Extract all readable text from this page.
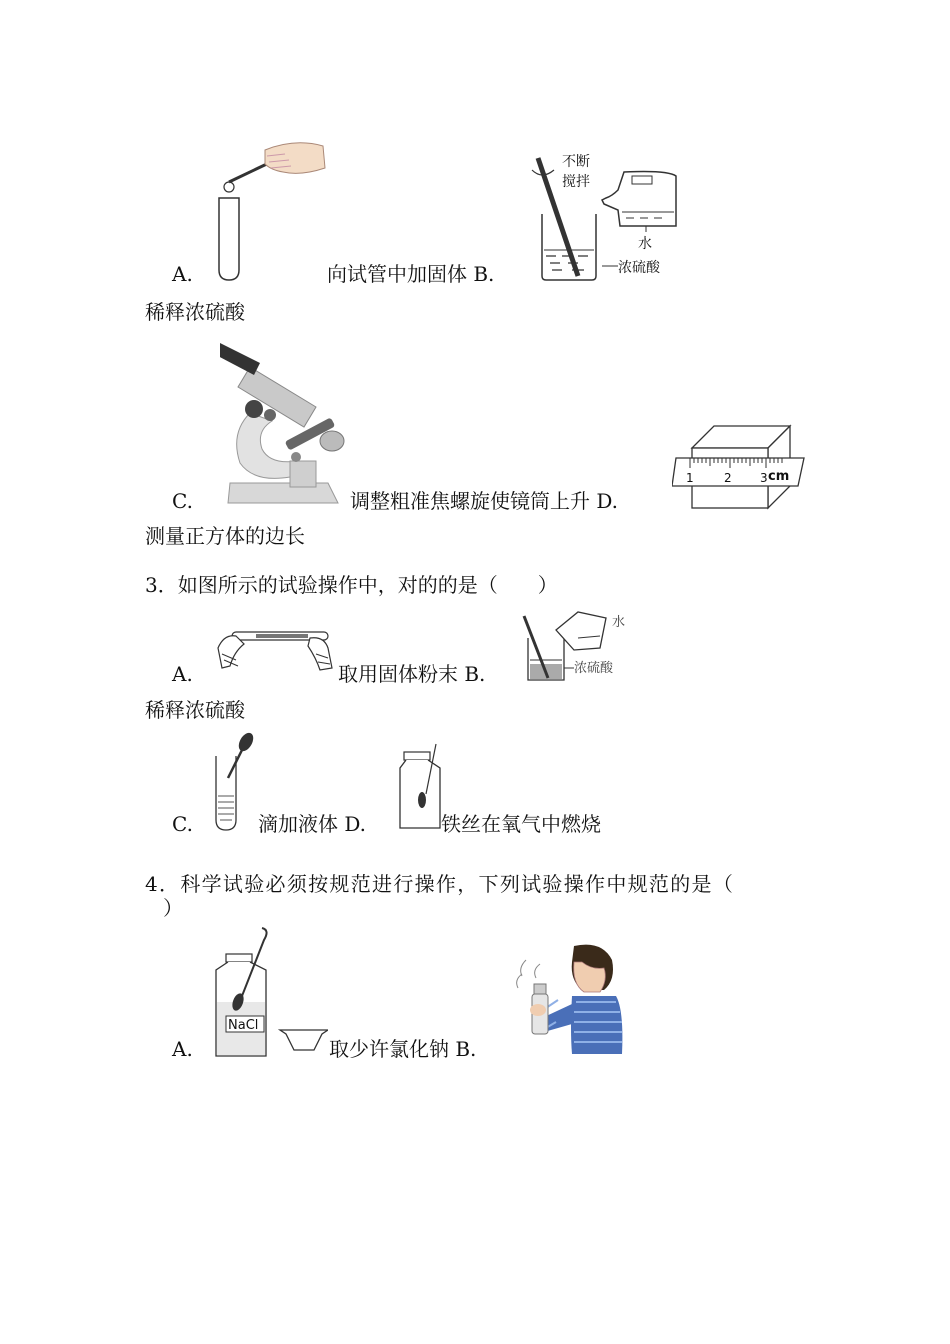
A.	向试管中加固体 B.
不断
搅拌
水
浓硫酸
稀释浓硫酸
C.	调整粗准焦螺旋使镜筒上升 D.
1	2 3 cm
测量正方体的边长
3．如图所示的试验操作中，对的的是（　　）
A.	取用固体粉末 B.
水
浓硫酸
稀释浓硫酸
C.	滴加液体 D.	铁丝在氧气中燃烧
4．科学试验必须按规范进行操作，下列试验操作中规范的是（
）
NaCl
A.	取少许氯化钠 B.
